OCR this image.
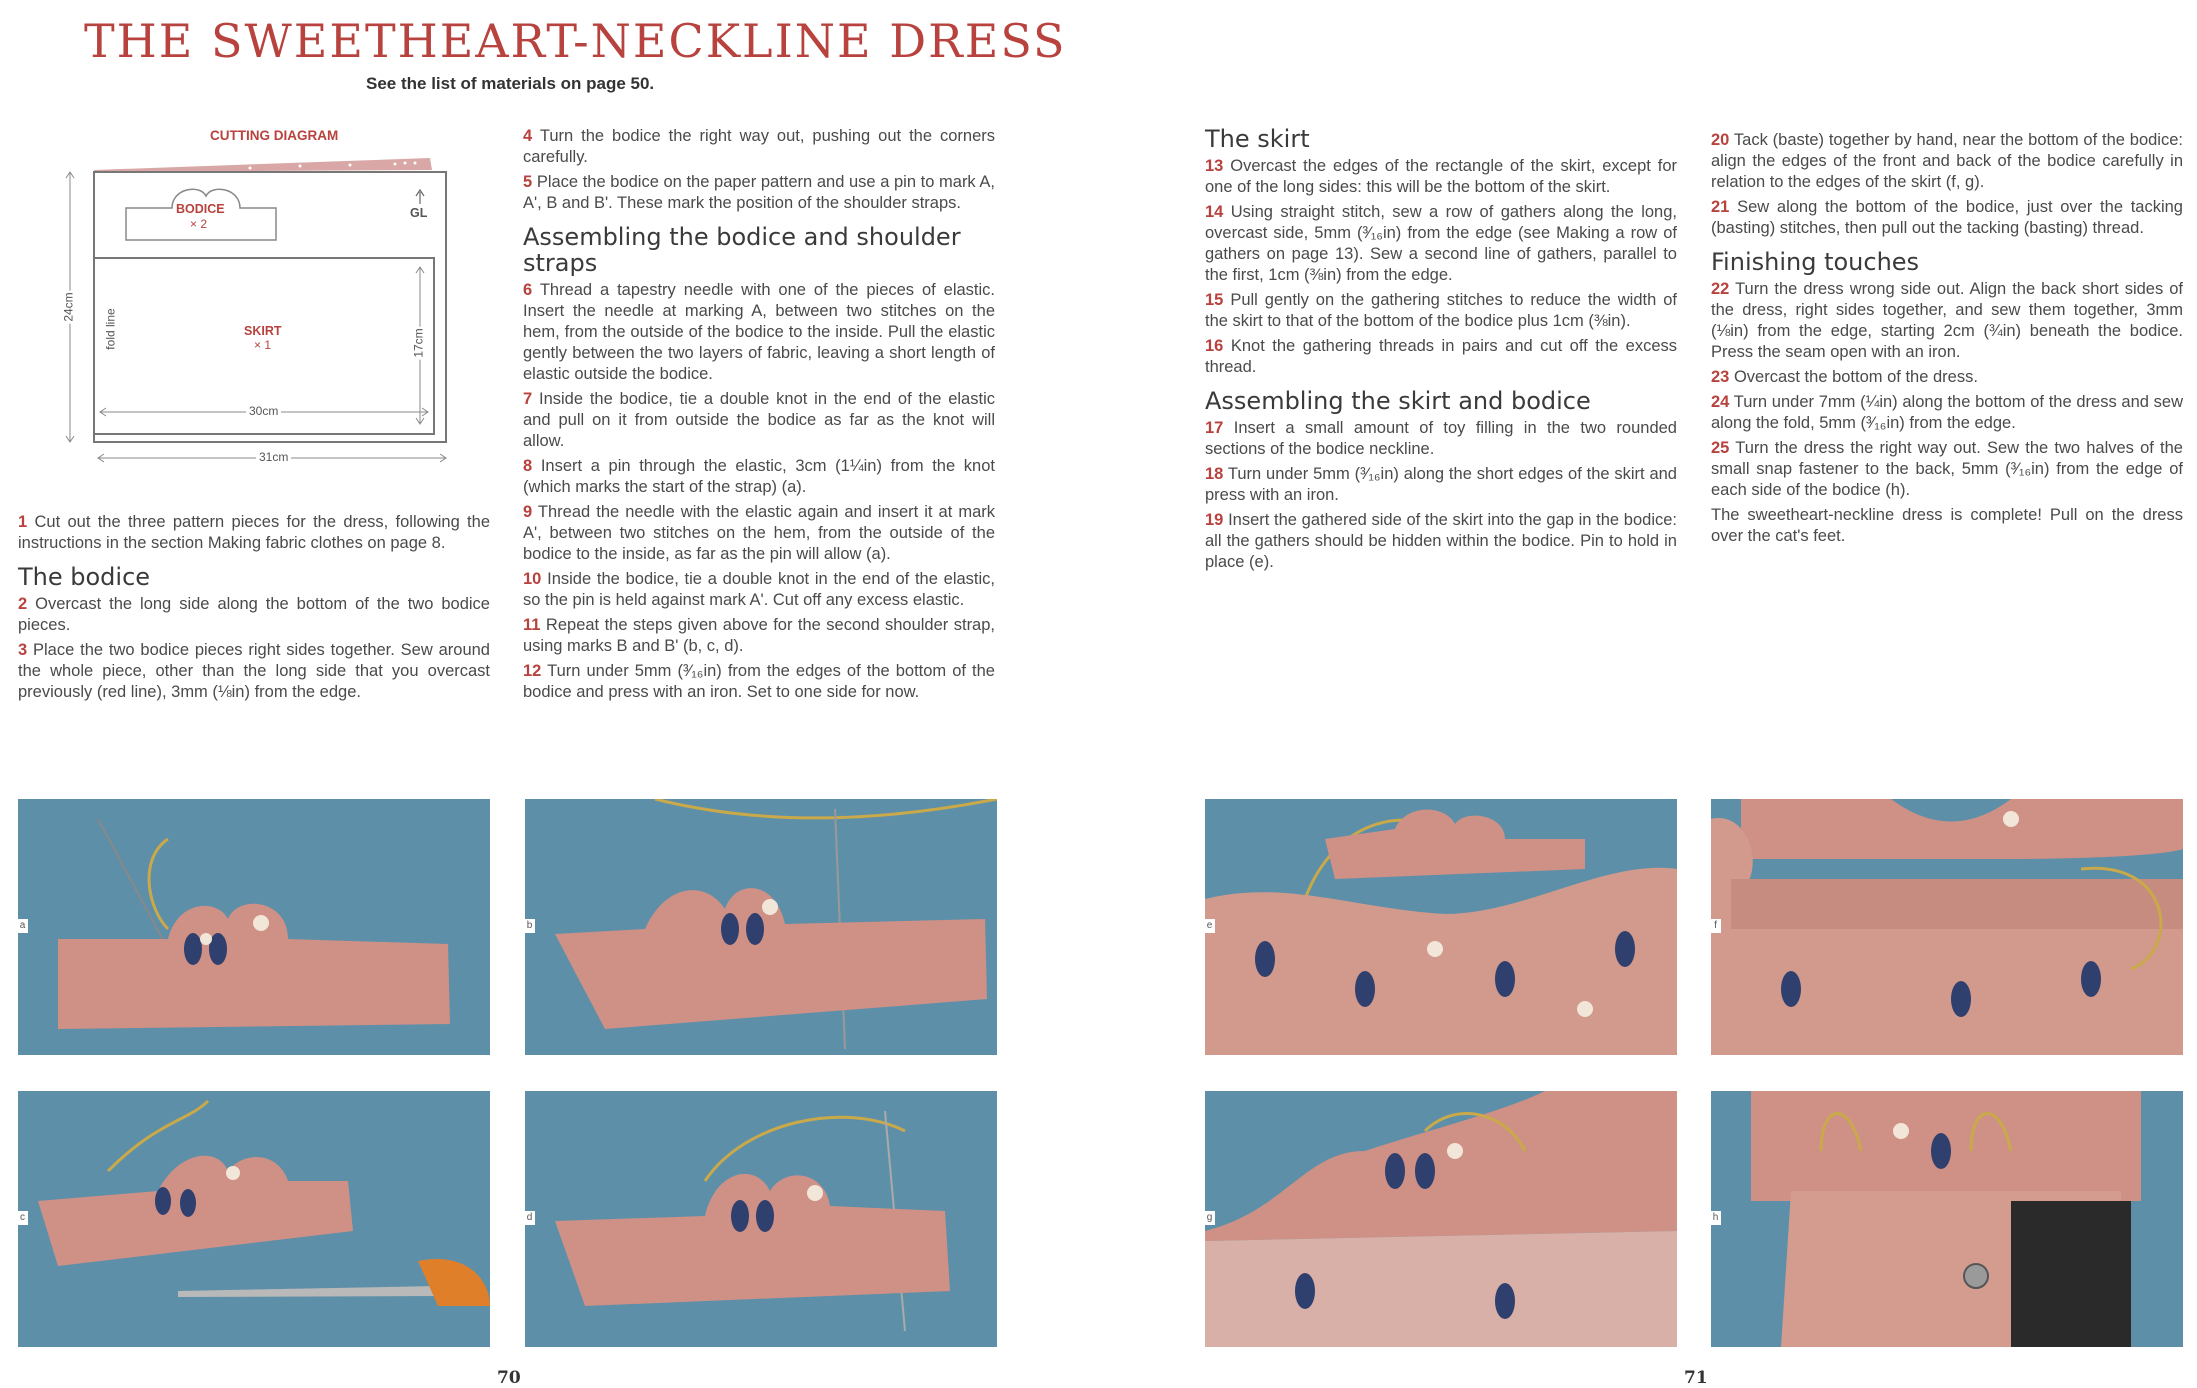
THE SWEETHEART-NECKLINE DRESS
See the list of materials on page 50.
CUTTING DIAGRAM
BODICE
× 2
GL
SKIRT
× 1
fold line
24cm
17cm
30cm
31cm

1 Cut out the three pattern pieces for the dress, following the instructions in the section Making fabric clothes on page 8.

The bodice

2 Overcast the long side along the bottom of the two bodice pieces.

3 Place the two bodice pieces right sides together. Sew around the whole piece, other than the long side that you overcast previously (red line), 3mm (⅛in) from the edge.

4 Turn the bodice the right way out, pushing out the corners carefully.

5 Place the bodice on the paper pattern and use a pin to mark A, A', B and B'. These mark the position of the shoulder straps.

Assembling the bodice and shoulder straps

6 Thread a tapestry needle with one of the pieces of elastic. Insert the needle at marking A, between two stitches on the hem, from the outside of the bodice to the inside. Pull the elastic gently between the two layers of fabric, leaving a short length of elastic outside the bodice.

7 Inside the bodice, tie a double knot in the end of the elastic and pull on it from outside the bodice as far as the knot will allow.

8 Insert a pin through the elastic, 3cm (1¼in) from the knot (which marks the start of the strap) (a).

9 Thread the needle with the elastic again and insert it at mark A', between two stitches on the hem, from the outside of the bodice to the inside, as far as the pin will allow (a).

10 Inside the bodice, tie a double knot in the end of the elastic, so the pin is held against mark A'. Cut off any excess elastic.

11 Repeat the steps given above for the second shoulder strap, using marks B and B' (b, c, d).

12 Turn under 5mm (³⁄₁₆in) from the edges of the bottom of the bodice and press with an iron. Set to one side for now.

The skirt

13 Overcast the edges of the rectangle of the skirt, except for one of the long sides: this will be the bottom of the skirt.

14 Using straight stitch, sew a row of gathers along the long, overcast side, 5mm (³⁄₁₆in) from the edge (see Making a row of gathers on page 13). Sew a second line of gathers, parallel to the first, 1cm (⅜in) from the edge.

15 Pull gently on the gathering stitches to reduce the width of the skirt to that of the bottom of the bodice plus 1cm (⅜in).

16 Knot the gathering threads in pairs and cut off the excess thread.

Assembling the skirt and bodice

17 Insert a small amount of toy filling in the two rounded sections of the bodice neckline.

18 Turn under 5mm (³⁄₁₆in) along the short edges of the skirt and press with an iron.

19 Insert the gathered side of the skirt into the gap in the bodice: all the gathers should be hidden within the bodice. Pin to hold in place (e).

20 Tack (baste) together by hand, near the bottom of the bodice: align the edges of the front and back of the bodice carefully in relation to the edges of the skirt (f, g).

21 Sew along the bottom of the bodice, just over the tacking (basting) stitches, then pull out the tacking (basting) thread.

Finishing touches

22 Turn the dress wrong side out. Align the back short sides of the dress, right sides together, and sew them together, 3mm (⅛in) from the edge, starting 2cm (¾in) beneath the bodice. Press the seam open with an iron.

23 Overcast the bottom of the dress.

24 Turn under 7mm (¼in) along the bottom of the dress and sew along the fold, 5mm (³⁄₁₆in) from the edge.

25 Turn the dress the right way out. Sew the two halves of the small snap fastener to the back, 5mm (³⁄₁₆in) from the edge of each side of the bodice (h).

The sweetheart-neckline dress is complete! Pull on the dress over the cat's feet.

a	b
c	d
e	f
g	h
70	71
